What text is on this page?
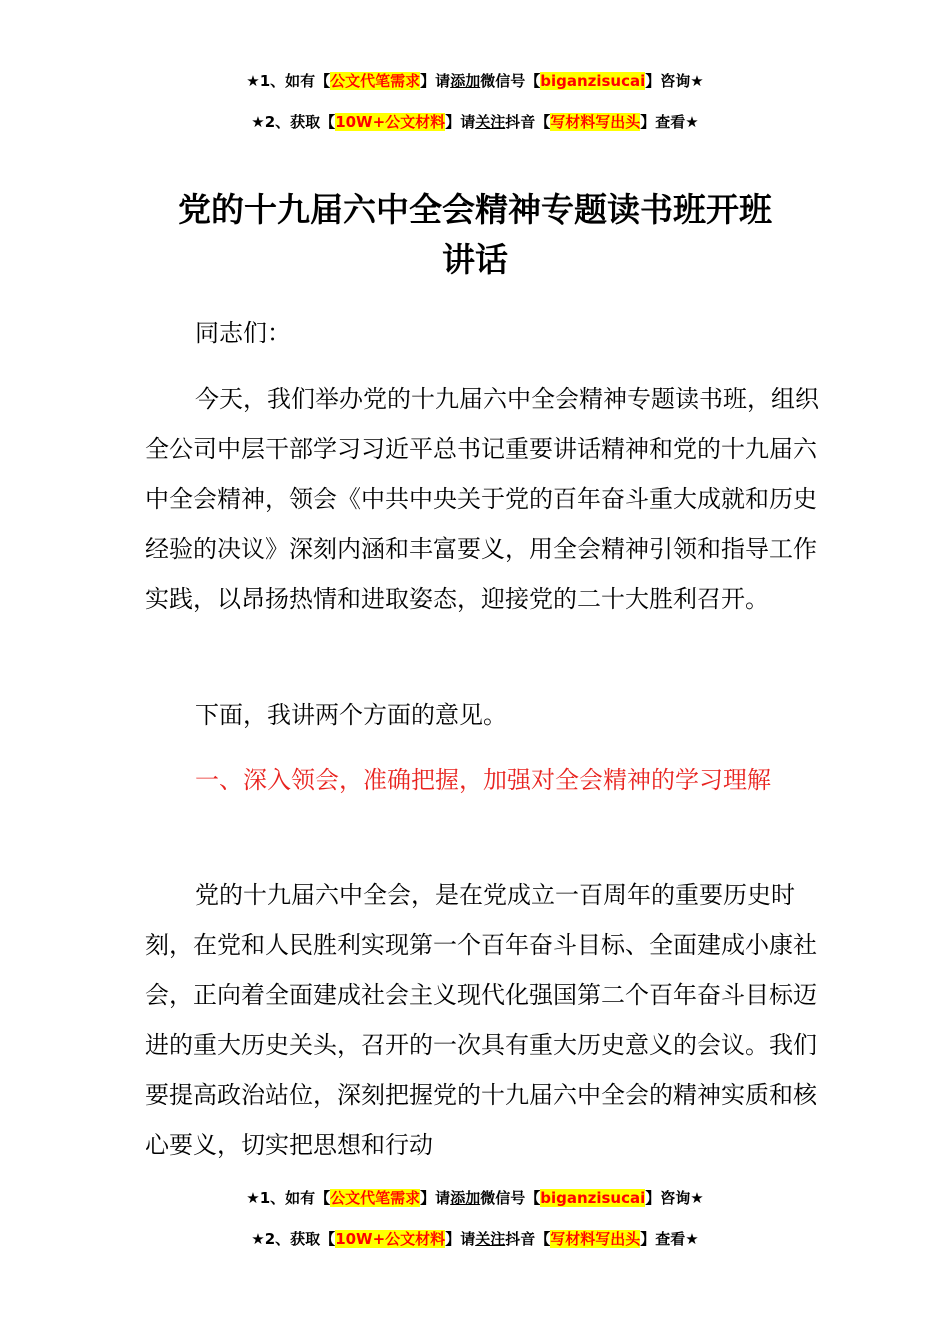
★1、如有【公文代笔需求】请添加微信号【biganzisucai】咨询★
★2、获取【10W+公文材料】请关注抖音【写材料写出头】查看★
党的十九届六中全会精神专题读书班开班
讲话

同志们：

今天，我们举办党的十九届六中全会精神专题读书班，组织全公司中层干部学习习近平总书记重要讲话精神和党的十九届六中全会精神，领会《中共中央关于党的百年奋斗重大成就和历史经验的决议》深刻内涵和丰富要义，用全会精神引领和指导工作实践，以昂扬热情和进取姿态，迎接党的二十大胜利召开。

下面，我讲两个方面的意见。

一、深入领会，准确把握，加强对全会精神的学习理解

党的十九届六中全会，是在党成立一百周年的重要历史时刻，在党和人民胜利实现第一个百年奋斗目标、全面建成小康社会，正向着全面建成社会主义现代化强国第二个百年奋斗目标迈进的重大历史关头，召开的一次具有重大历史意义的会议。我们要提高政治站位，深刻把握党的十九届六中全会的精神实质和核心要义，切实把思想和行动

★1、如有【公文代笔需求】请添加微信号【biganzisucai】咨询★
★2、获取【10W+公文材料】请关注抖音【写材料写出头】查看★
